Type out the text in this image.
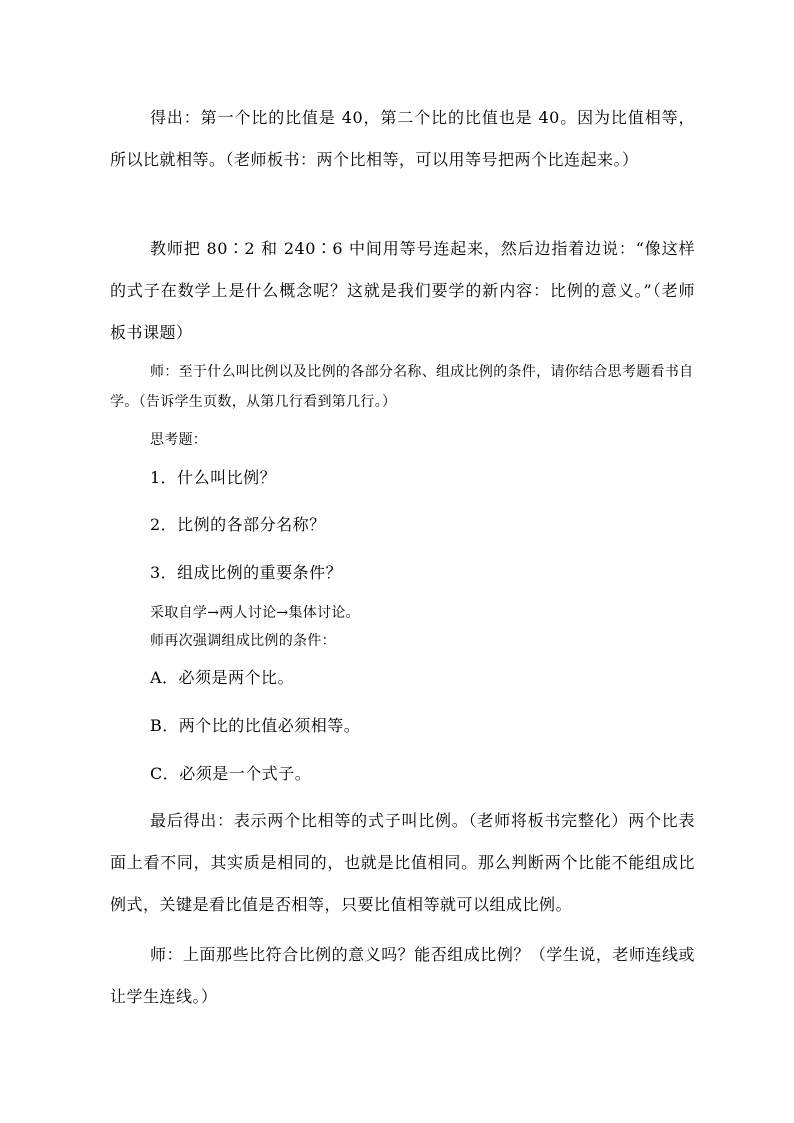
得出：第一个比的比值是 40，第二个比的比值也是 40。因为比值相等，所以比就相等。（老师板书：两个比相等，可以用等号把两个比连起来。）

教师把 80∶2 和 240∶6 中间用等号连起来，然后边指着边说：“像这样的式子在数学上是什么概念呢？这就是我们要学的新内容：比例的意义。”（老师板书课题）

师：至于什么叫比例以及比例的各部分名称、组成比例的条件，请你结合思考题看书自学。（告诉学生页数，从第几行看到第几行。）

思考题：

1．什么叫比例？

2．比例的各部分名称？

3．组成比例的重要条件？

采取自学→两人讨论→集体讨论。

师再次强调组成比例的条件：

A．必须是两个比。

B．两个比的比值必须相等。

C．必须是一个式子。

最后得出：表示两个比相等的式子叫比例。（老师将板书完整化）两个比表面上看不同，其实质是相同的，也就是比值相同。那么判断两个比能不能组成比例式，关键是看比值是否相等，只要比值相等就可以组成比例。

师：上面那些比符合比例的意义吗？能否组成比例？（学生说，老师连线或让学生连线。）
